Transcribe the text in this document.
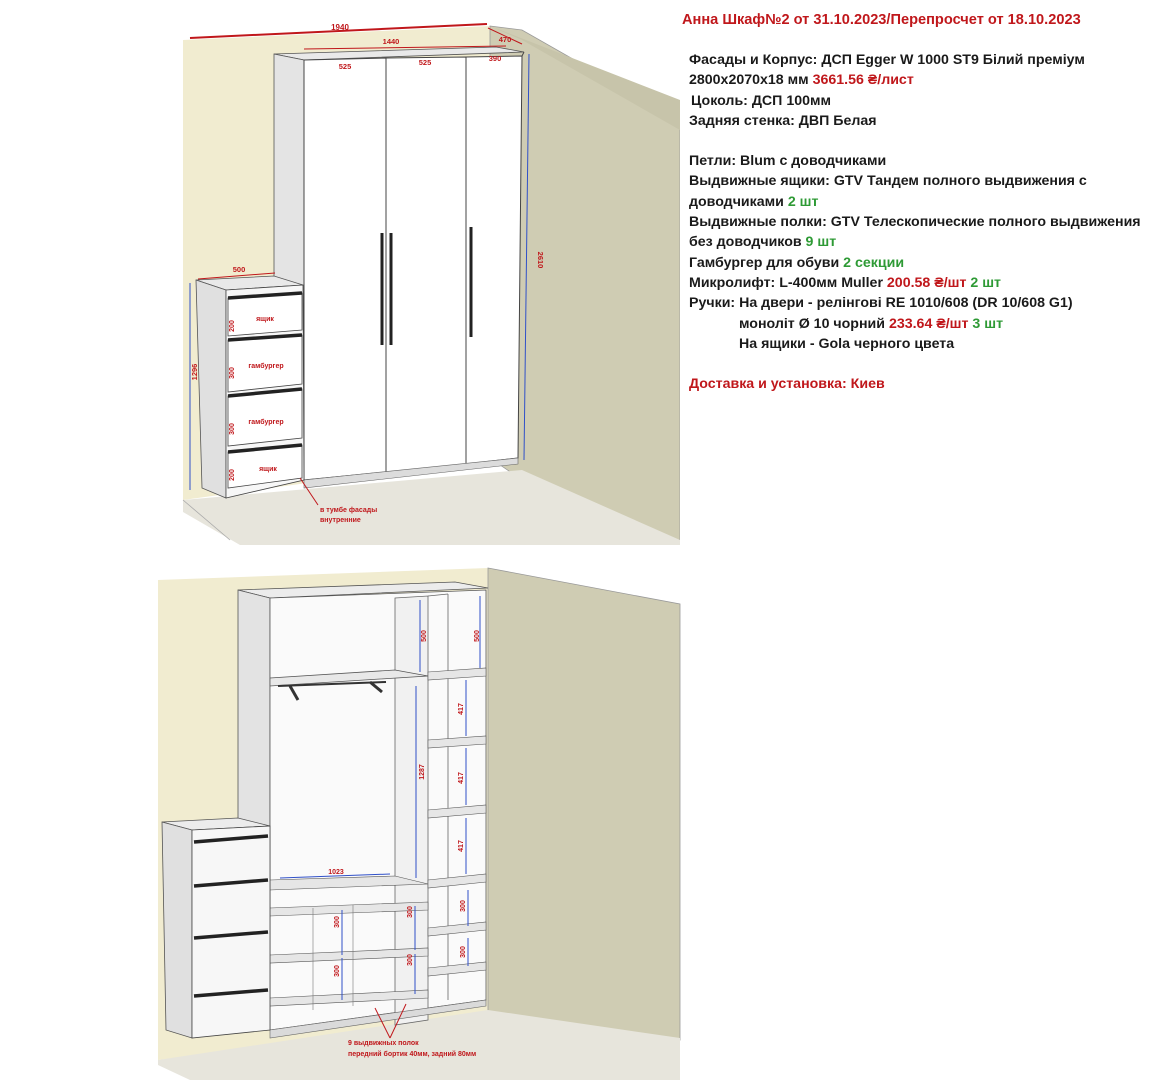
Анна Шкаф№2 от 31.10.2023/Перепросчет от 18.10.2023
Фасады и Корпус: ДСП Egger W 1000 ST9 Білий преміум
2800x2070x18 мм 3661.56 ₴/лист
Цоколь: ДСП 100мм
Задняя стенка: ДВП Белая
Петли: Blum с доводчиками
Выдвижные ящики: GTV Тандем полного выдвижения с
доводчиками 2 шт
Выдвижные полки: GTV Телескопические полного выдвижения
без доводчиков 9 шт
Гамбургер для обуви 2 секции
Микролифт: L-400мм Muller 200.58 ₴/шт 2 шт
Ручки: На двери - релінгові RE 1010/608 (DR 10/608 G1)
моноліт Ø 10 чорний 233.64 ₴/шт 3 шт
На ящики - Gola черного цвета
Доставка и установка: Киев
1940
1440	470
525	525	390
2610
500
1296
200
300
300
200
ящик
гамбургер
гамбургер
ящик
в тумбе фасады
внутренние
500	500
417
417
417
1287
1023
300
300
300
300
300
300
9 выдвижных полок
передний бортик 40мм, задний 80мм
